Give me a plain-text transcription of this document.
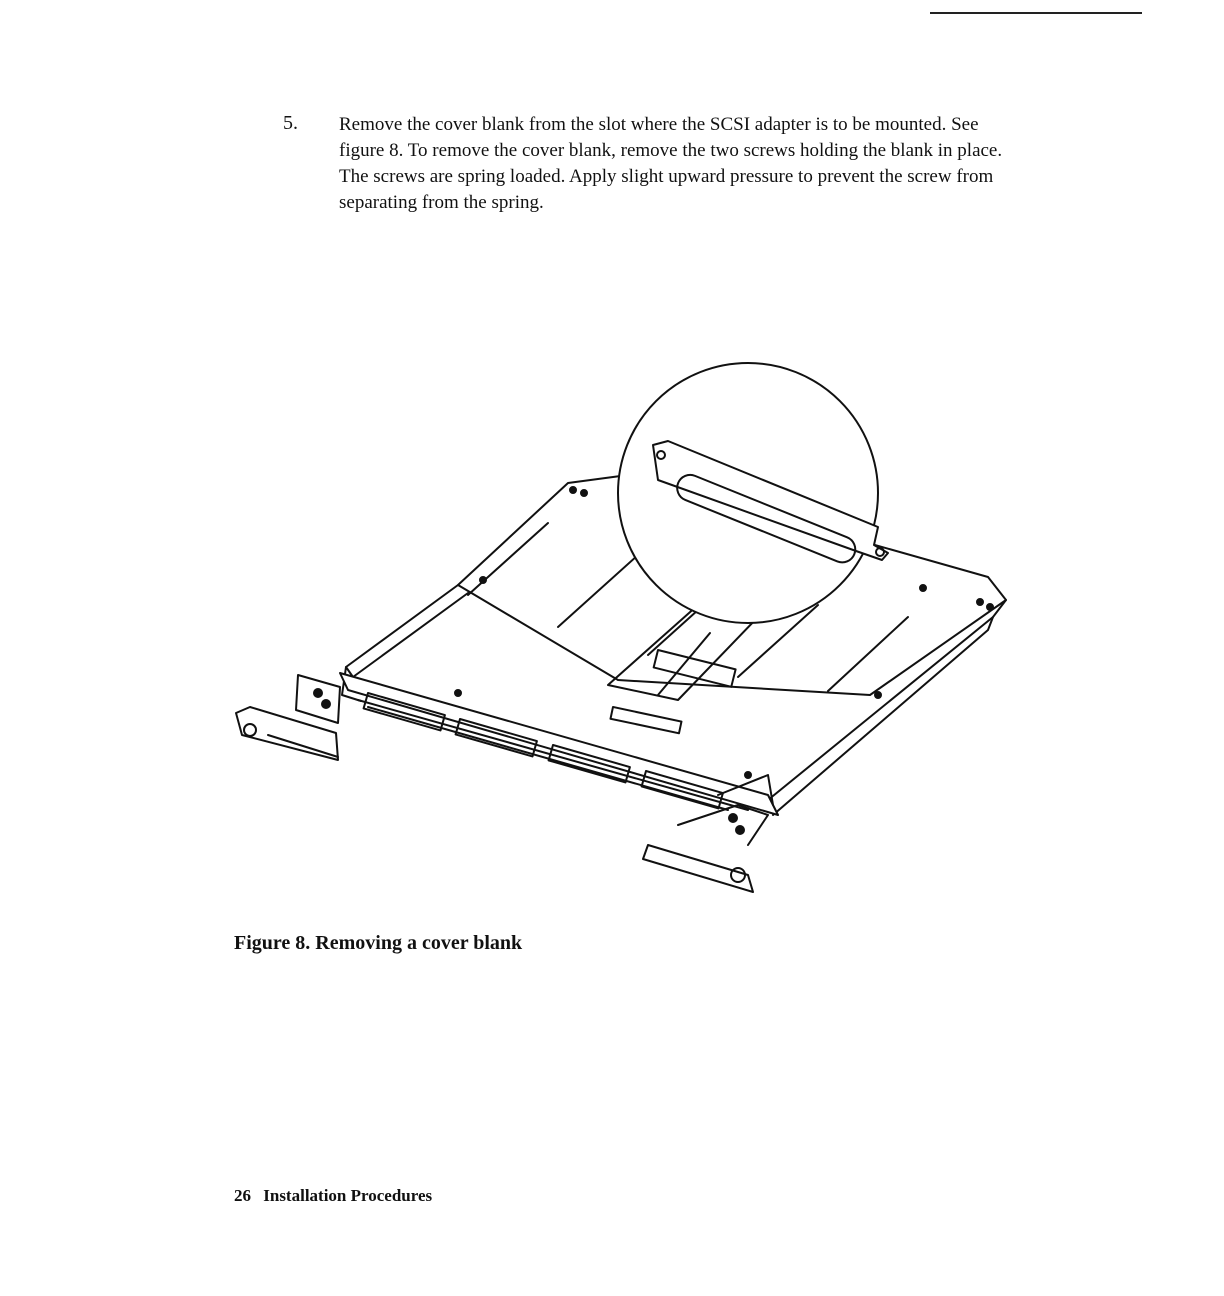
5. Remove the cover blank from the slot where the SCSI adapter is to be mounted. See figure 8. To remove the cover blank, remove the two screws holding the blank in place. The screws are spring loaded. Apply slight upward pressure to prevent the screw from separating from the spring.
Figure 8. Removing a cover blank
26 Installation Procedures
